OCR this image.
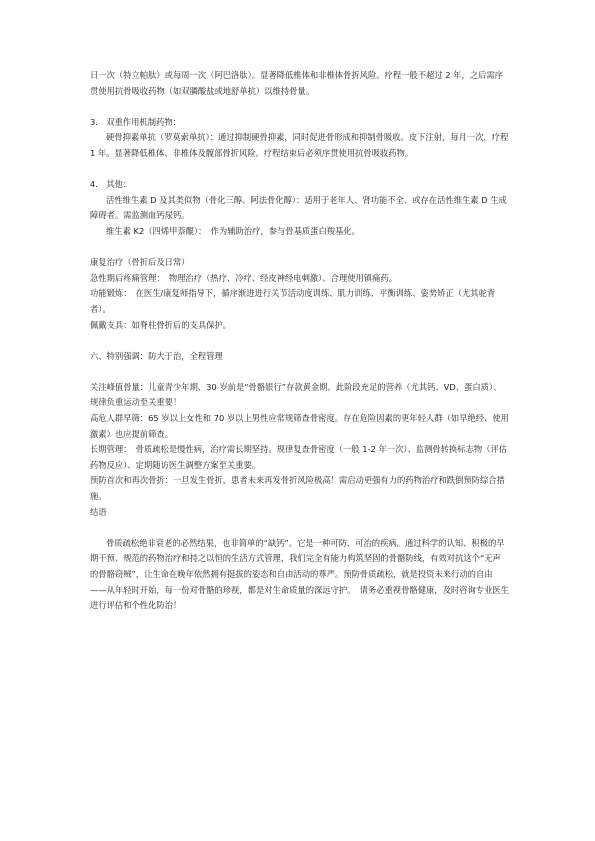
日一次（特立帕肽）或每周一次（阿巴洛肽）。显著降低椎体和非椎体骨折风险。疗程一般不超过 2 年，之后需序贯使用抗骨吸收药物（如双膦酸盐或地舒单抗）以维持骨量。

3.　双重作用机制药物：

硬骨抑素单抗（罗莫索单抗）：通过抑制硬骨抑素，同时促进骨形成和抑制骨吸收。皮下注射，每月一次，疗程 1 年。显著降低椎体、非椎体及髋部骨折风险。疗程结束后必须序贯使用抗骨吸收药物。

4.　其他：

活性维生素 D 及其类似物（骨化三醇、阿法骨化醇）：适用于老年人、肾功能不全、或存在活性维生素 D 生成障碍者。需监测血钙尿钙。

维生素 K2（四烯甲萘醌）：　作为辅助治疗，参与骨基质蛋白羧基化。

康复治疗（骨折后及日常）

急性期后疼痛管理：　物理治疗（热疗、冷疗、经皮神经电刺激）、合理使用镇痛药。

功能锻炼：　在医生/康复师指导下，循序渐进进行关节活动度训练、肌力训练、平衡训练、姿势矫正（尤其驼背者）。

佩戴支具：如脊柱骨折后的支具保护。

六、特别强调：防大于治，全程管理

关注峰值骨量：儿童青少年期、30 岁前是“骨骼银行”存款黄金期。此阶段充足的营养（尤其钙、VD、蛋白质）、规律负重运动至关重要！

高危人群早筛：65 岁以上女性和 70 岁以上男性应常规筛查骨密度。存在危险因素的更年轻人群（如早绝经、使用激素）也应提前筛查。

长期管理：　骨质疏松是慢性病，治疗需长期坚持。规律复查骨密度（一般 1-2 年一次）、监测骨转换标志物（评估药物反应）、定期随访医生调整方案至关重要。

预防首次和再次骨折：一旦发生骨折，患者未来再发骨折风险极高！需启动更强有力的药物治疗和跌倒预防综合措施。

结语

骨质疏松绝非衰老的必然结果，也非简单的“缺钙”。它是一种可防、可治的疾病。通过科学的认知、积极的早期干预、规范的药物治疗和持之以恒的生活方式管理，我们完全有能力构筑坚固的骨骼防线，有效对抗这个“无声的骨骼窃贼”，让生命在晚年依然拥有挺拔的姿态和自由活动的尊严。预防骨质疏松，就是投资未来行动的自由——从年轻时开始，每一份对骨骼的珍视，都是对生命质量的深远守护。　请务必重视骨骼健康，及时咨询专业医生进行评估和个性化防治！
